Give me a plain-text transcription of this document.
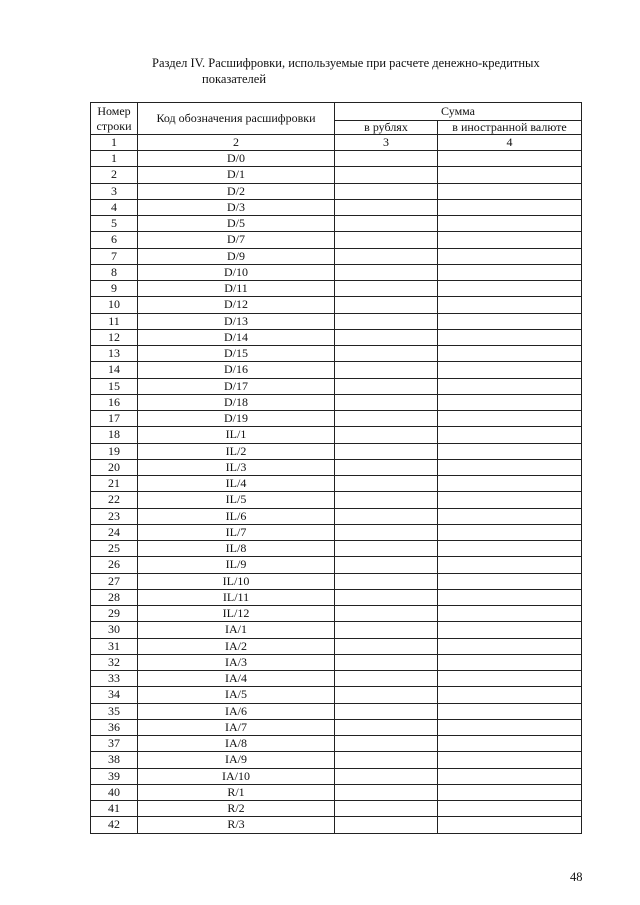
Раздел IV. Расшифровки, используемые при расчете денежно-кредитных
показателей
Номер строки	Код обозначения расшифровки	Сумма	
		в рублях	в иностранной валюте
1	2	3	4
1	D/0		
2	D/1		
3	D/2		
4	D/3		
5	D/5		
6	D/7		
7	D/9		
8	D/10		
9	D/11		
10	D/12		
11	D/13		
12	D/14		
13	D/15		
14	D/16		
15	D/17		
16	D/18		
17	D/19		
18	IL/1		
19	IL/2		
20	IL/3		
21	IL/4		
22	IL/5		
23	IL/6		
24	IL/7		
25	IL/8		
26	IL/9		
27	IL/10		
28	IL/11		
29	IL/12		
30	IA/1		
31	IA/2		
32	IA/3		
33	IA/4		
34	IA/5		
35	IA/6		
36	IA/7		
37	IA/8		
38	IA/9		
39	IA/10		
40	R/1		
41	R/2		
42	R/3		
48
